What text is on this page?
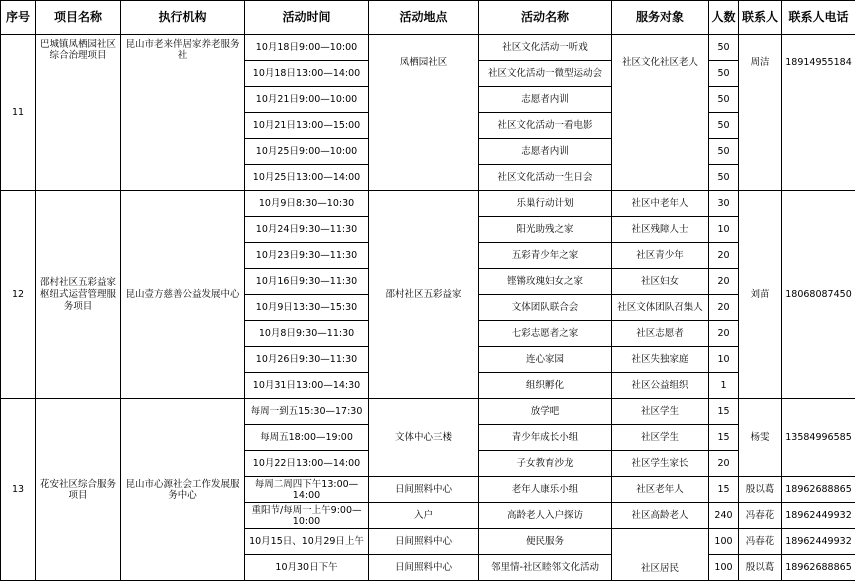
序号	项目名称	执行机构	活动时间	活动地点	活动名称	服务对象	人数	联系人	联系人电话
11	巴城镇凤栖园社区综合治理项目	昆山市老来伴居家养老服务社	10月18日9:00—10:00	凤栖园社区	社区文化活动一听戏	社区文化社区老人	50	周洁	18914955184
			10月18日13:00—14:00		社区文化活动一微型运动会		50		
			10月21日9:00—10:00		志愿者内训		50		
			10月21日13:00—15:00		社区文化活动一看电影		50		
			10月25日9:00—10:00		志愿者内训		50		
			10月25日13:00—14:00		社区文化活动一生日会		50		
12	邵村社区五彩益家枢纽式运营管理服务项目	昆山壹方慈善公益发展中心	10月9日8:30—10:30	邵村社区五彩益家	乐巢行动计划	社区中老年人	30	刘苗	18068087450
			10月24日9:30—11:30		阳光助残之家	社区残障人士	10		
			10月23日9:30—11:30		五彩青少年之家	社区青少年	20		
			10月16日9:30—11:30		铿锵玫瑰妇女之家	社区妇女	20		
			10月9日13:30—15:30		文体团队联合会	社区文体团队召集人	20		
			10月8日9:30—11:30		七彩志愿者之家	社区志愿者	20		
			10月26日9:30—11:30		连心家园	社区失独家庭	10		
			10月31日13:00—14:30		组织孵化	社区公益组织	1		
13	花安社区综合服务项目	昆山市心源社会工作发展服务中心	每周一到五15:30—17:30	文体中心三楼	放学吧	社区学生	15	杨雯	13584996585
			每周五18:00—19:00		青少年成长小组	社区学生	15		
			10月22日13:00—14:00		子女教育沙龙	社区学生家长	20		
			每周二周四下午13:00—14:00	日间照料中心	老年人康乐小组	社区老年人	15	殷以葛	18962688865
			重阳节/每周一上午9:00—10:00	入户	高龄老人入户探访	社区高龄老人	240	冯春花	18962449932
			10月15日、10月29日上午	日间照料中心	便民服务	社区居民	100	冯春花	18962449932
			10月30日下午	日间照料中心	邻里情-社区睦邻文化活动		100	殷以葛	18962688865
